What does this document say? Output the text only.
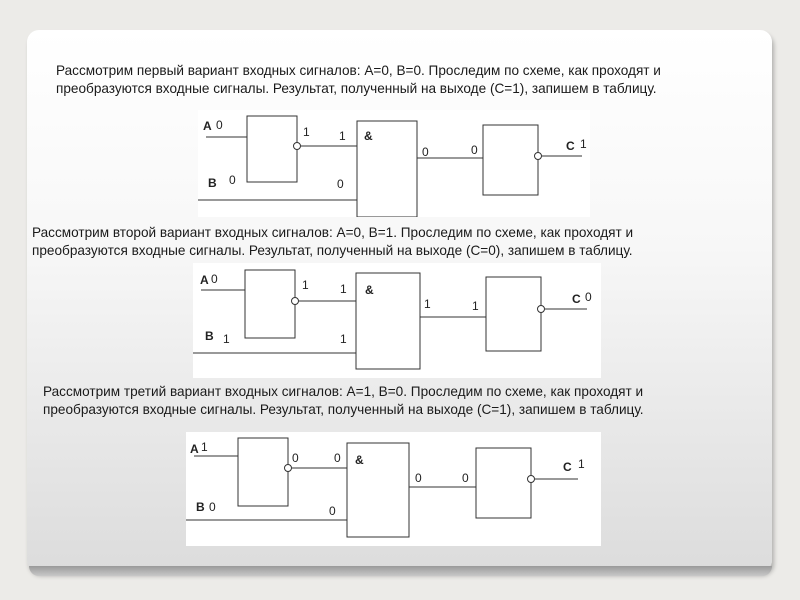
Рассмотрим первый вариант входных сигналов: А=0, В=0. Проследим по схеме, как проходят и
преобразуются входные сигналы. Результат, полученный на выходе (С=1), запишем в таблицу.

A 0
B 0
1 1
0
&
0	0	C 1

Рассмотрим второй вариант входных сигналов: А=0, В=1. Проследим по схеме, как проходят и
преобразуются входные сигналы. Результат, полученный на выходе (С=0), запишем в таблицу.

A 0
B 1
1	1
1
&
1	1	C 0

Рассмотрим третий вариант входных сигналов: А=1, В=0. Проследим по схеме, как проходят и
преобразуются входные сигналы. Результат, полученный на выходе (С=1), запишем в таблицу.

A 1
B 0
0	0
0
&
0	0
C 1
